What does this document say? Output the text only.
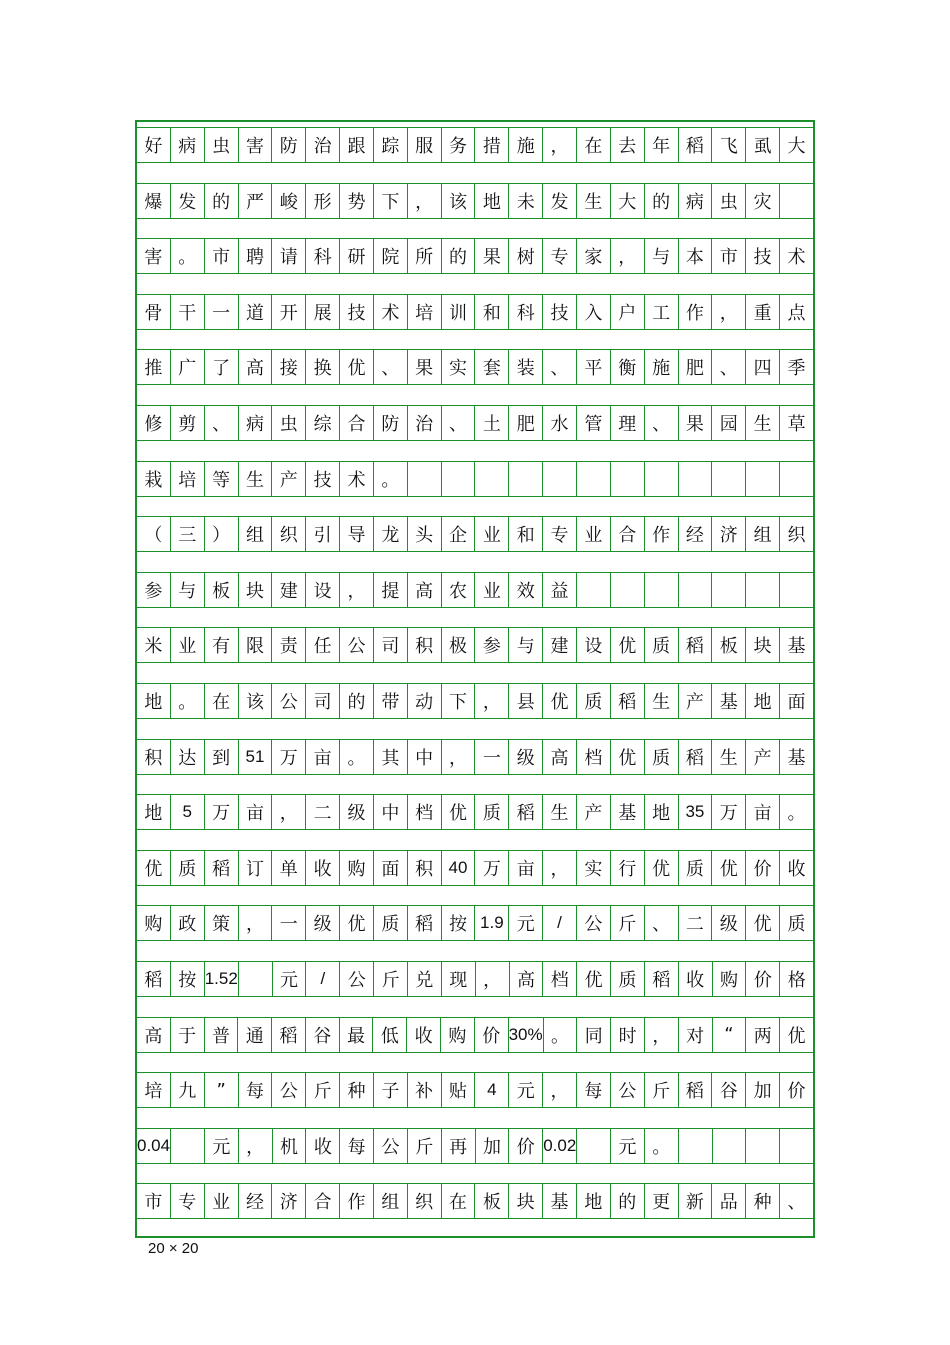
好 病 虫 害 防 治 跟 踪 服 务 措 施 ， 在 去 年 稻 飞 虱 大
爆 发 的 严 峻 形 势 下 ， 该 地 未 发 生 大 的 病 虫 灾
害 。 市 聘 请 科 研 院 所 的 果 树 专 家 ， 与 本 市 技 术
骨 干 一 道 开 展 技 术 培 训 和 科 技 入 户 工 作 ， 重 点
推 广 了 高 接 换 优 、 果 实 套 装 、 平 衡 施 肥 、 四 季
修 剪 、 病 虫 综 合 防 治 、 土 肥 水 管 理 、 果 园 生 草
栽 培 等 生 产 技 术 。
（ 三 ） 组 织 引 导 龙 头 企 业 和 专 业 合 作 经 济 组 织
参 与 板 块 建 设 ， 提 高 农 业 效 益
米 业 有 限 责 任 公 司 积 极 参 与 建 设 优 质 稻 板 块 基
地 。 在 该 公 司 的 带 动 下 ， 县 优 质 稻 生 产 基 地 面
积 达 到 51 万 亩 。 其 中 ， 一 级 高 档 优 质 稻 生 产 基
地	5	万 亩 ， 二 级 中 档 优 质 稻 生 产 基 地 35 万 亩 。
优 质 稻 订 单 收 购 面 积 40 万 亩 ， 实 行 优 质 优 价 收
购 政 策 ， 一 级 优 质 稻 按 1.9 元	/	公 斤 、 二 级 优 质
稻 按 1.52	元	/	公 斤 兑 现 ， 高 档 优 质 稻 收 购 价 格
高 于 普 通 稻 谷 最 低 收 购 价 30% 。 同 时 ， 对	“	两 优
培 九	”	每 公 斤 种 子 补 贴	4	元 ， 每 公 斤 稻 谷 加 价
0.04	元 ， 机 收 每 公 斤 再 加 价 0.02	元 。
市 专 业 经 济 合 作 组 织 在 板 块 基 地 的 更 新 品 种 、
20 × 20
